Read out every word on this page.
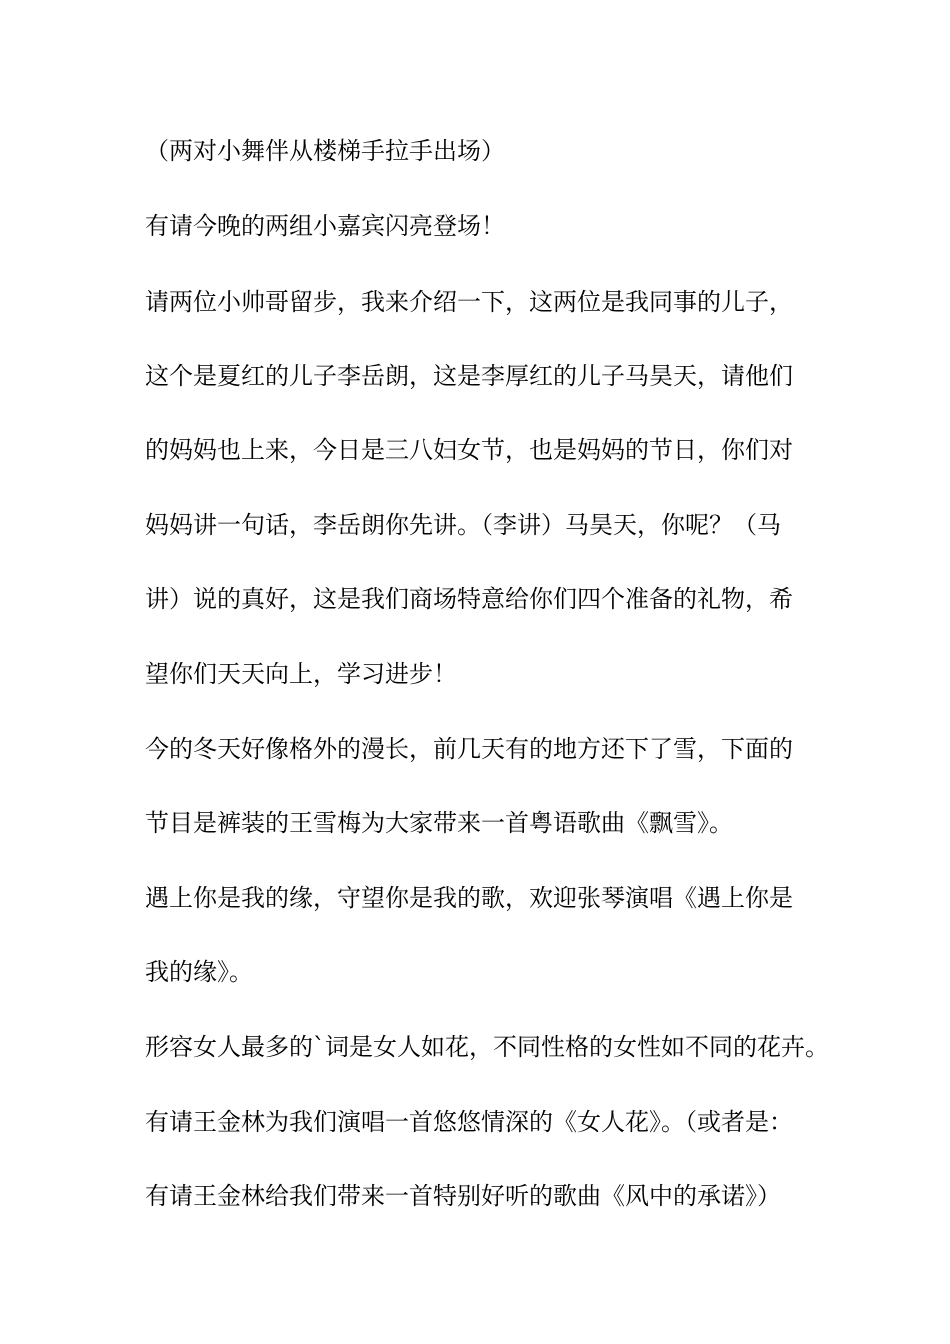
（两对小舞伴从楼梯手拉手出场）
有请今晚的两组小嘉宾闪亮登场！
请两位小帅哥留步，我来介绍一下，这两位是我同事的儿子，
这个是夏红的儿子李岳朗，这是李厚红的儿子马昊天，请他们
的妈妈也上来，今日是三八妇女节，也是妈妈的节日，你们对
妈妈讲一句话，李岳朗你先讲。（李讲）马昊天，你呢？（马
讲）说的真好，这是我们商场特意给你们四个准备的礼物，希
望你们天天向上，学习进步！
今的冬天好像格外的漫长，前几天有的地方还下了雪，下面的
节目是裤装的王雪梅为大家带来一首粤语歌曲《飘雪》。
遇上你是我的缘，守望你是我的歌，欢迎张琴演唱《遇上你是
我的缘》。
形容女人最多的`词是女人如花，不同性格的女性如不同的花卉。
有请王金林为我们演唱一首悠悠情深的《女人花》。（或者是：
有请王金林给我们带来一首特别好听的歌曲《风中的承诺》）
